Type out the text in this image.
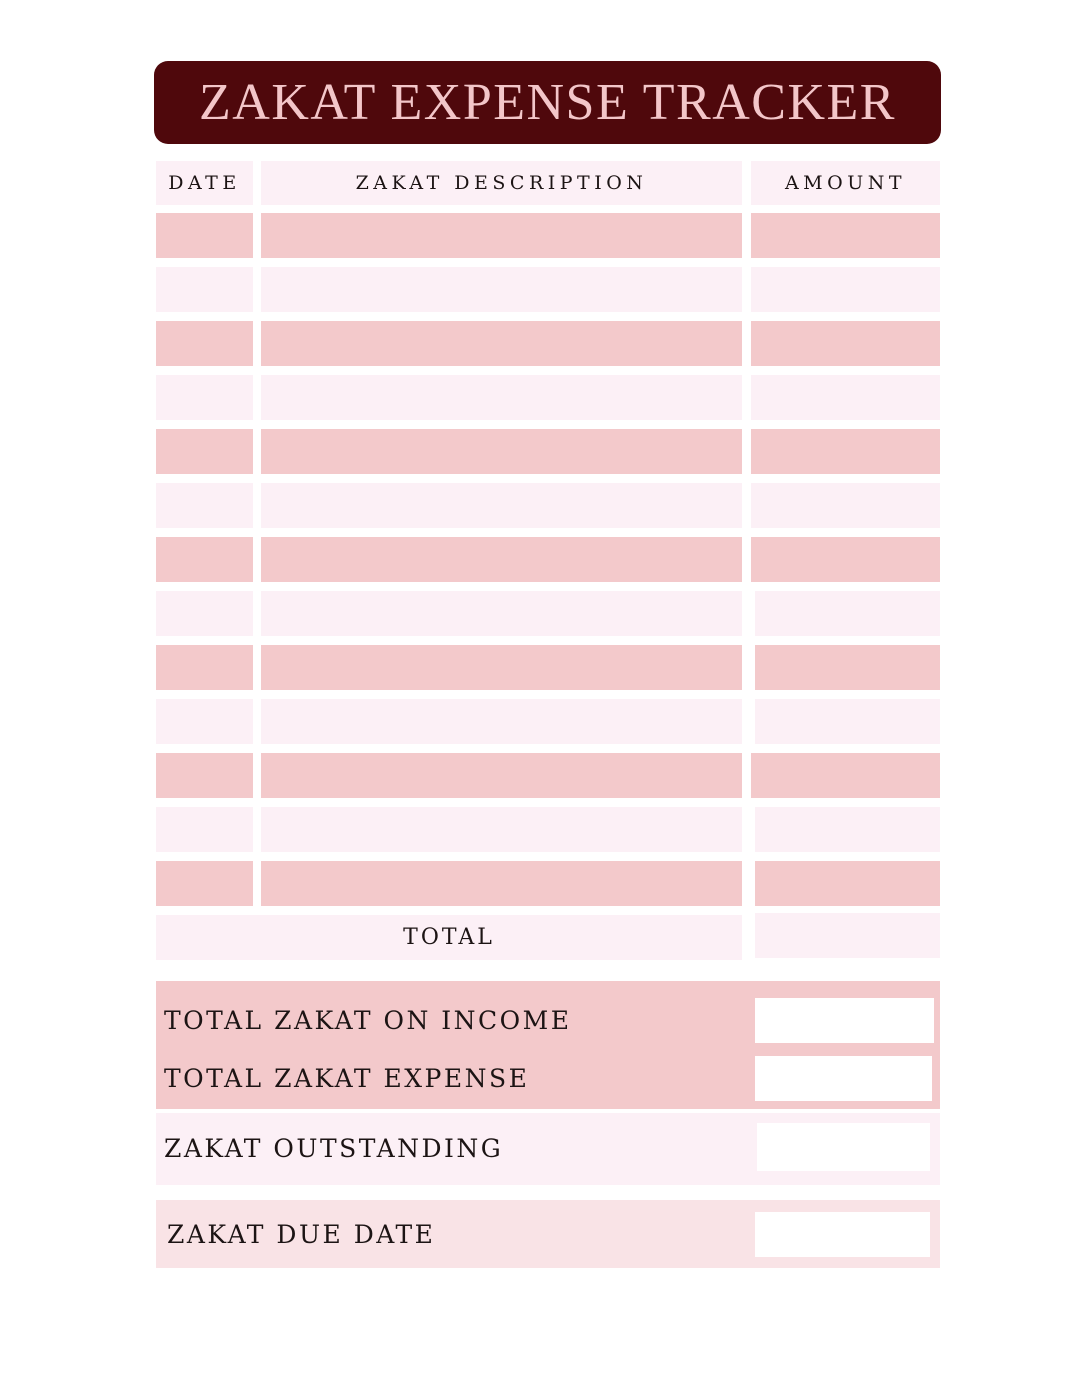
ZAKAT EXPENSE TRACKER
DATE	ZAKAT DESCRIPTION	AMOUNT
TOTAL
TOTAL ZAKAT ON INCOME
TOTAL ZAKAT EXPENSE
ZAKAT OUTSTANDING
ZAKAT DUE DATE
